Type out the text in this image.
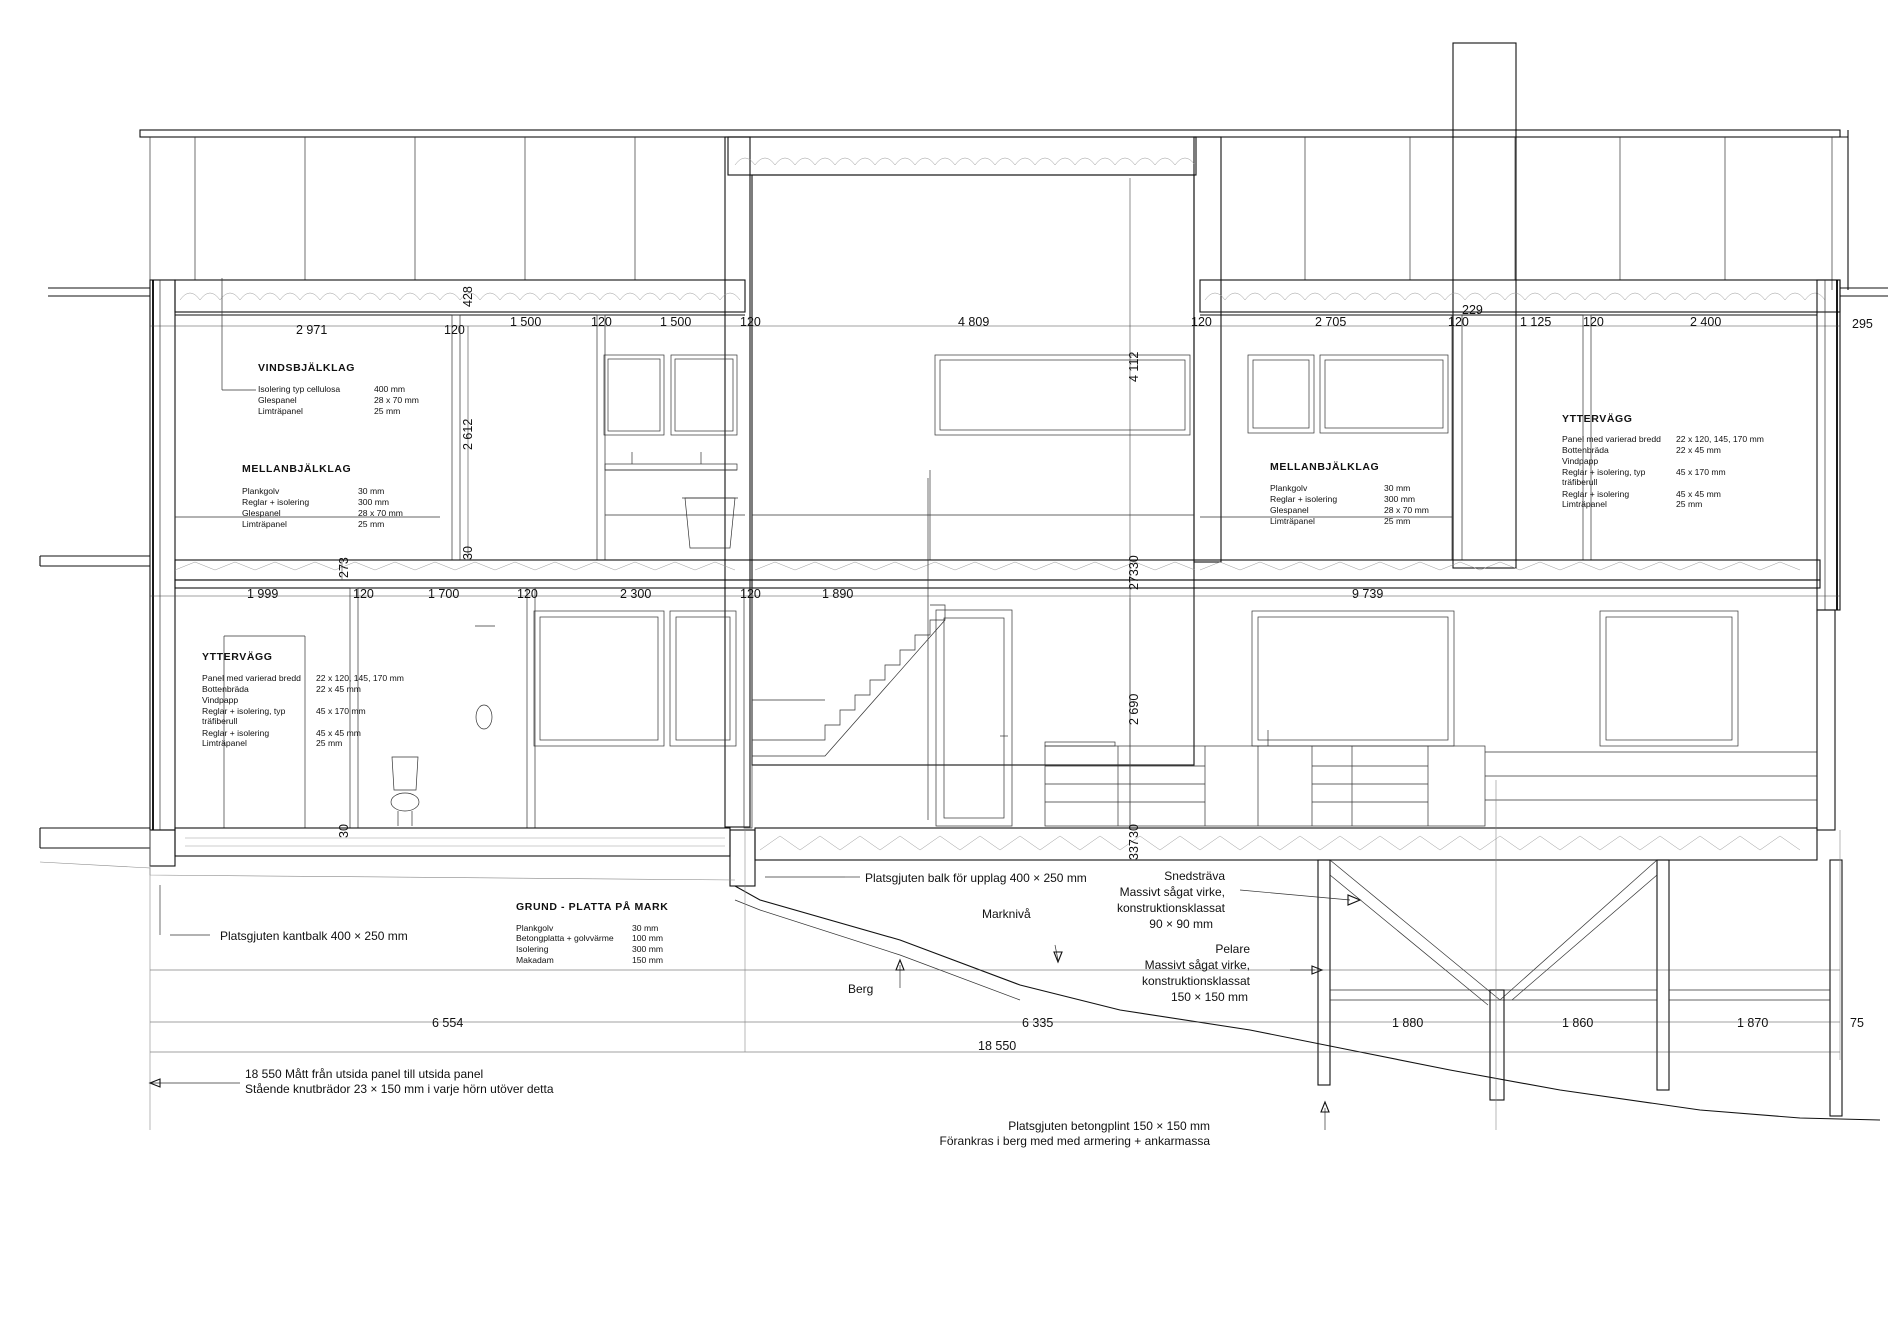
428
2 971	120
1 500	120	1 500	120	4 809	120	2 705	120
229
1 125	120	2 400	295
1 999	120	1 700	120	2 300	120	1 890	9 739
2 612
273
30
4 112
27330
2 690
30
337
30
6 554	6 335	1 880	1 860	1 870	75
18 550
VINDSBJÄLKLAG
Isolering typ cellulosa	400 mm
Glespanel	28 x 70 mm
Limträpanel	25 mm
MELLANBJÄLKLAG
Plankgolv	30 mm
Reglar + isolering	300 mm
Glespanel	28 x 70 mm
Limträpanel	25 mm
MELLANBJÄLKLAG
Plankgolv	30 mm
Reglar + isolering	300 mm
Glespanel	28 x 70 mm
Limträpanel	25 mm
YTTERVÄGG
Panel med varierad bredd 22 x 120, 145, 170 mm
Bottenbräda	22 x 45 mm
Vindpapp
Reglar + isolering, typ	45 x 170 mm
träfiberull
Reglar + isolering	45 x 45 mm
Limträpanel	25 mm
YTTERVÄGG
Panel med varierad bredd 22 x 120, 145, 170 mm
Bottenbräda	22 x 45 mm
Vindpapp
Reglar + isolering, typ	45 x 170 mm
träfiberull
Reglar + isolering	45 x 45 mm
Limträpanel	25 mm
GRUND - PLATTA PÅ MARK
Plankgolv	30 mm
Betongplatta + golvvärme 100 mm
Isolering	300 mm
Makadam	150 mm
Platsgjuten kantbalk 400 × 250 mm
Platsgjuten balk för upplag 400 × 250 mm	Snedsträva
Massivt sågat virke,
konstruktionsklassat
90 × 90 mm
Marknivå
Pelare
Massivt sågat virke,
konstruktionsklassat
150 × 150 mm
Berg
18 550 Mått från utsida panel till utsida panel
Stående knutbrädor 23 × 150 mm i varje hörn utöver detta
Platsgjuten betongplint 150 × 150 mm
Förankras i berg med med armering + ankarmassa
